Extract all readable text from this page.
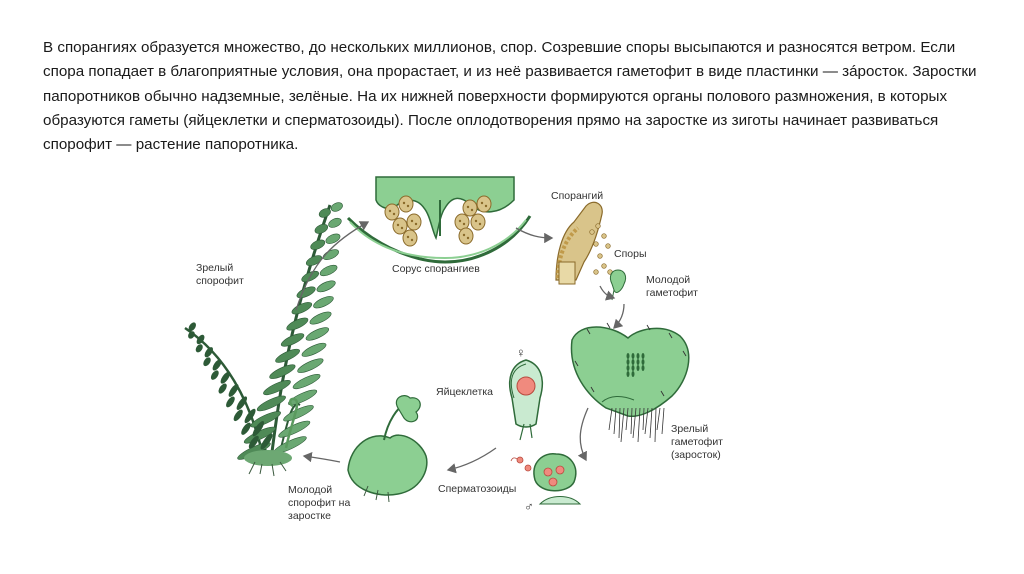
В спорангиях образуется множество, до нескольких миллионов, спор. Созревшие споры высыпаются и разносятся ветром. Если спора попадает в благоприятные условия, она прорастает, и из неё развивается гаметофит в виде пластинки — зáросток. Заростки папоротников обычно надземные, зелёные. На их нижней поверхности формируются органы полового размножения, в которых образуются гаметы (яйцеклетки и сперматозоиды). После оплодотворения прямо на заростке из зиготы начинает развиваться спорофит — растение папоротника.
Зрелый спорофит
Сорус спорангиев
Спорангий
Споры
Молодой гаметофит
♀
Яйцеклетка
Зрелый гаметофит
(заросток)
Сперматозоиды
♂
Молодой спорофит на заростке
